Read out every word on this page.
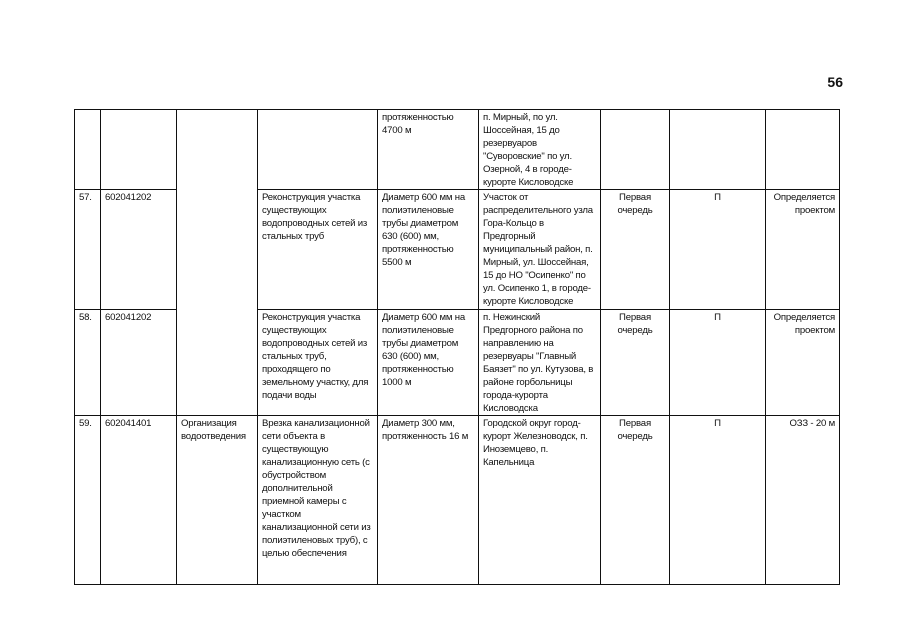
56
				протяженностью 4700 м	п. Мирный, по ул. Шоссейная, 15 до резервуаров "Сувоpовские" по ул. Озерной, 4 в городе-курорте Кисловодске			
57.	602041202		Реконструкция участка существующих водопроводных сетей из стальных труб	Диаметр 600 мм на полиэтиленовые трубы диаметром 630 (600) мм, протяженностью 5500 м	Участок от распределительного узла Гора-Кольцо в Предгорный муниципальный район, п. Мирный, ул. Шоссейная, 15 до НО "Осипенко" по ул. Осипенко 1, в городе-курорте Кисловодске	Первая очередь	П	Определяется проектом
58.	602041202		Реконструкция участка существующих водопроводных сетей из стальных труб, проходящего по земельному участку, для подачи воды	Диаметр 600 мм на полиэтиленовые трубы диаметром 630 (600) мм, протяженностью 1000 м	п. Нежинский Предгорного района по направлению на резервуары "Главный Баязет" по ул. Кутузова, в районе горбольницы города-курорта Кисловодска	Первая очередь	П	Определяется проектом
59.	602041401	Организация водоотведения	Врезка канализационной сети объекта в существующую канализационную сеть (с обустройством дополнительной приемной камеры с участком канализационной сети из полиэтиленовых труб), с целью обеспечения	Диаметр 300 мм, протяженность 16 м	Городской округ город-курорт Железноводск, п. Иноземцево, п. Капельница	Первая очередь	П	ОЗЗ - 20 м
